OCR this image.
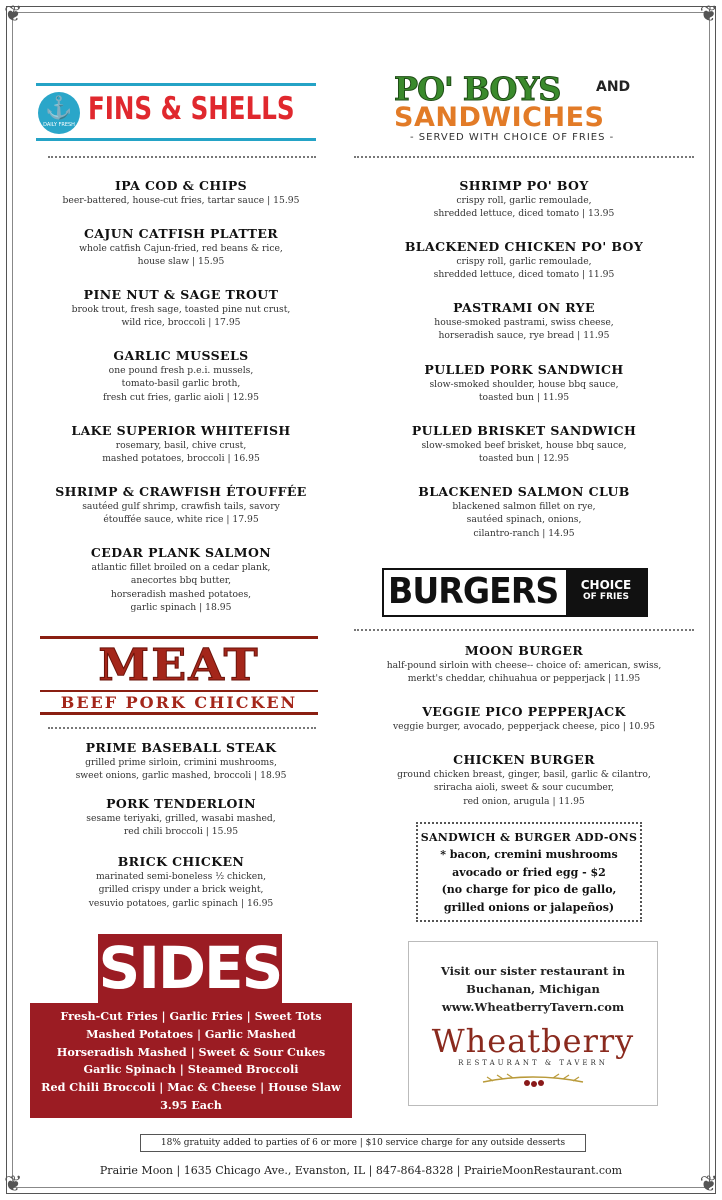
❦	❦
❦	❦
⚓
DAILY FRESH FINS & SHELLS
PO' BOYS	AND
SANDWICHES
- SERVED WITH CHOICE OF FRIES -
IPA COD & CHIPS
beer-battered, house-cut fries, tartar sauce | 15.95
CAJUN CATFISH PLATTER
whole catfish Cajun-fried, red beans & rice,
house slaw | 15.95
PINE NUT & SAGE TROUT
brook trout, fresh sage, toasted pine nut crust,
wild rice, broccoli | 17.95
GARLIC MUSSELS
one pound fresh p.e.i. mussels,
tomato-basil garlic broth,
fresh cut fries, garlic aioli | 12.95
LAKE SUPERIOR WHITEFISH
rosemary, basil, chive crust,
mashed potatoes, broccoli | 16.95
SHRIMP & CRAWFISH ÉTOUFFÉE
sautéed gulf shrimp, crawfish tails, savory
étouffée sauce, white rice | 17.95
CEDAR PLANK SALMON
atlantic fillet broiled on a cedar plank,
anecortes bbq butter,
horseradish mashed potatoes,
garlic spinach | 18.95
SHRIMP PO' BOY
crispy roll, garlic remoulade,
shredded lettuce, diced tomato | 13.95
BLACKENED CHICKEN PO' BOY
crispy roll, garlic remoulade,
shredded lettuce, diced tomato | 11.95
PASTRAMI ON RYE
house-smoked pastrami, swiss cheese,
horseradish sauce, rye bread | 11.95
PULLED PORK SANDWICH
slow-smoked shoulder, house bbq sauce,
toasted bun | 11.95
PULLED BRISKET SANDWICH
slow-smoked beef brisket, house bbq sauce,
toasted bun | 12.95
BLACKENED SALMON CLUB
blackened salmon fillet on rye,
sautéed spinach, onions,
cilantro-ranch | 14.95
BURGERS	CHOICE
OF FRIES
MOON BURGER
half-pound sirloin with cheese-- choice of: american, swiss,
merkt's cheddar, chihuahua or pepperjack | 11.95
VEGGIE PICO PEPPERJACK
veggie burger, avocado, pepperjack cheese, pico | 10.95
CHICKEN BURGER
ground chicken breast, ginger, basil, garlic & cilantro,
sriracha aioli, sweet & sour cucumber,
red onion, arugula | 11.95
MEAT
BEEF PORK CHICKEN
PRIME BASEBALL STEAK
grilled prime sirloin, crimini mushrooms,
sweet onions, garlic mashed, broccoli | 18.95
PORK TENDERLOIN
sesame teriyaki, grilled, wasabi mashed,
red chili broccoli | 15.95
BRICK CHICKEN
marinated semi-boneless ½ chicken,
grilled crispy under a brick weight,
vesuvio potatoes, garlic spinach | 16.95
SANDWICH & BURGER ADD-ONS
* bacon, cremini mushrooms
avocado or fried egg - $2
(no charge for pico de gallo,
grilled onions or jalapeños)
Visit our sister restaurant in
Buchanan, Michigan
www.WheatberryTavern.com
Wheatberry
RESTAURANT & TAVERN
SIDES
Fresh-Cut Fries | Garlic Fries | Sweet Tots
Mashed Potatoes | Garlic Mashed
Horseradish Mashed | Sweet & Sour Cukes
Garlic Spinach | Steamed Broccoli
Red Chili Broccoli | Mac & Cheese | House Slaw
3.95 Each
18% gratuity added to parties of 6 or more | $10 service charge for any outside desserts
Prairie Moon | 1635 Chicago Ave., Evanston, IL | 847-864-8328 | PrairieMoonRestaurant.com
